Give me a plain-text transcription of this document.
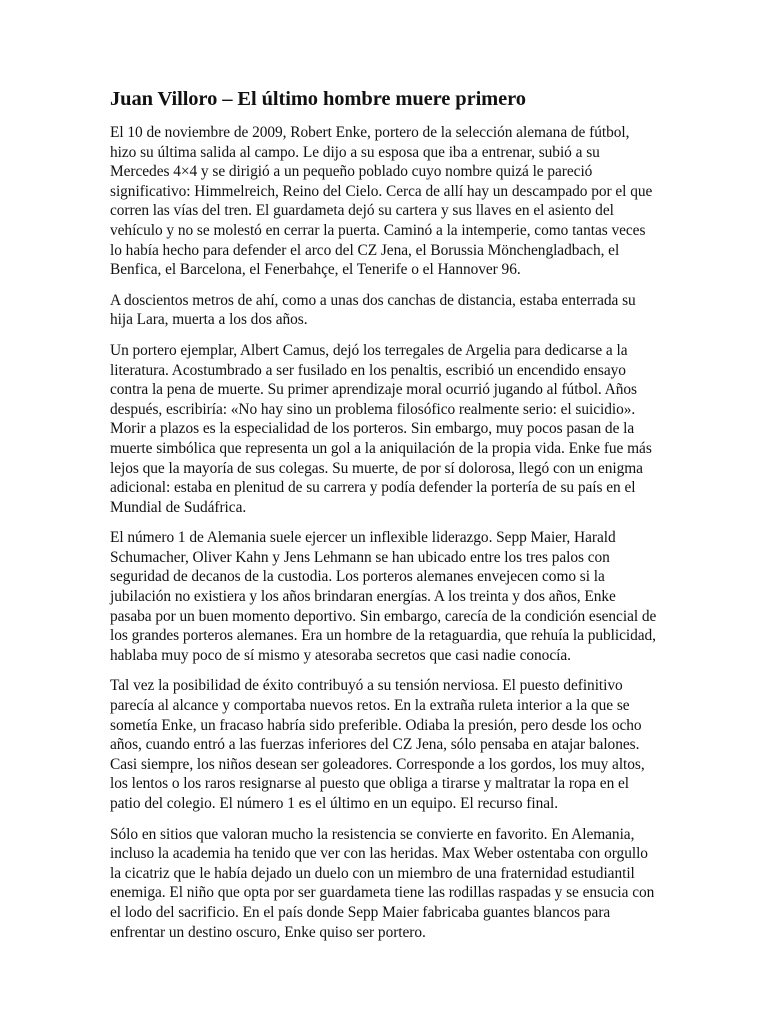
Juan Villoro – El último hombre muere primero

El 10 de noviembre de 2009, Robert Enke, portero de la selección alemana de fútbol, hizo su última salida al campo. Le dijo a su esposa que iba a entrenar, subió a su Mercedes 4×4 y se dirigió a un pequeño poblado cuyo nombre quizá le pareció significativo: Himmelreich, Reino del Cielo. Cerca de allí hay un descampado por el que corren las vías del tren. El guardameta dejó su cartera y sus llaves en el asiento del vehículo y no se molestó en cerrar la puerta. Caminó a la intemperie, como tantas veces lo había hecho para defender el arco del CZ Jena, el Borussia Mönchengladbach, el Benfica, el Barcelona, el Fenerbahçe, el Tenerife o el Hannover 96.

A doscientos metros de ahí, como a unas dos canchas de distancia, estaba enterrada su hija Lara, muerta a los dos años.

Un portero ejemplar, Albert Camus, dejó los terregales de Argelia para dedicarse a la literatura. Acostumbrado a ser fusilado en los penaltis, escribió un encendido ensayo contra la pena de muerte. Su primer aprendizaje moral ocurrió jugando al fútbol. Años después, escribiría: «No hay sino un problema filosófico realmente serio: el suicidio». Morir a plazos es la especialidad de los porteros. Sin embargo, muy pocos pasan de la muerte simbólica que representa un gol a la aniquilación de la propia vida. Enke fue más lejos que la mayoría de sus colegas. Su muerte, de por sí dolorosa, llegó con un enigma adicional: estaba en plenitud de su carrera y podía defender la portería de su país en el Mundial de Sudáfrica.

El número 1 de Alemania suele ejercer un inflexible liderazgo. Sepp Maier, Harald Schumacher, Oliver Kahn y Jens Lehmann se han ubicado entre los tres palos con seguridad de decanos de la custodia. Los porteros alemanes envejecen como si la jubilación no existiera y los años brindaran energías. A los treinta y dos años, Enke pasaba por un buen momento deportivo. Sin embargo, carecía de la condición esencial de los grandes porteros alemanes. Era un hombre de la retaguardia, que rehuía la publicidad, hablaba muy poco de sí mismo y atesoraba secretos que casi nadie conocía.

Tal vez la posibilidad de éxito contribuyó a su tensión nerviosa. El puesto definitivo parecía al alcance y comportaba nuevos retos. En la extraña ruleta interior a la que se sometía Enke, un fracaso habría sido preferible. Odiaba la presión, pero desde los ocho años, cuando entró a las fuerzas inferiores del CZ Jena, sólo pensaba en atajar balones. Casi siempre, los niños desean ser goleadores. Corresponde a los gordos, los muy altos, los lentos o los raros resignarse al puesto que obliga a tirarse y maltratar la ropa en el patio del colegio. El número 1 es el último en un equipo. El recurso final.

Sólo en sitios que valoran mucho la resistencia se convierte en favorito. En Alemania, incluso la academia ha tenido que ver con las heridas. Max Weber ostentaba con orgullo la cicatriz que le había dejado un duelo con un miembro de una fraternidad estudiantil enemiga. El niño que opta por ser guardameta tiene las rodillas raspadas y se ensucia con el lodo del sacrificio. En el país donde Sepp Maier fabricaba guantes blancos para enfrentar un destino oscuro, Enke quiso ser portero.
